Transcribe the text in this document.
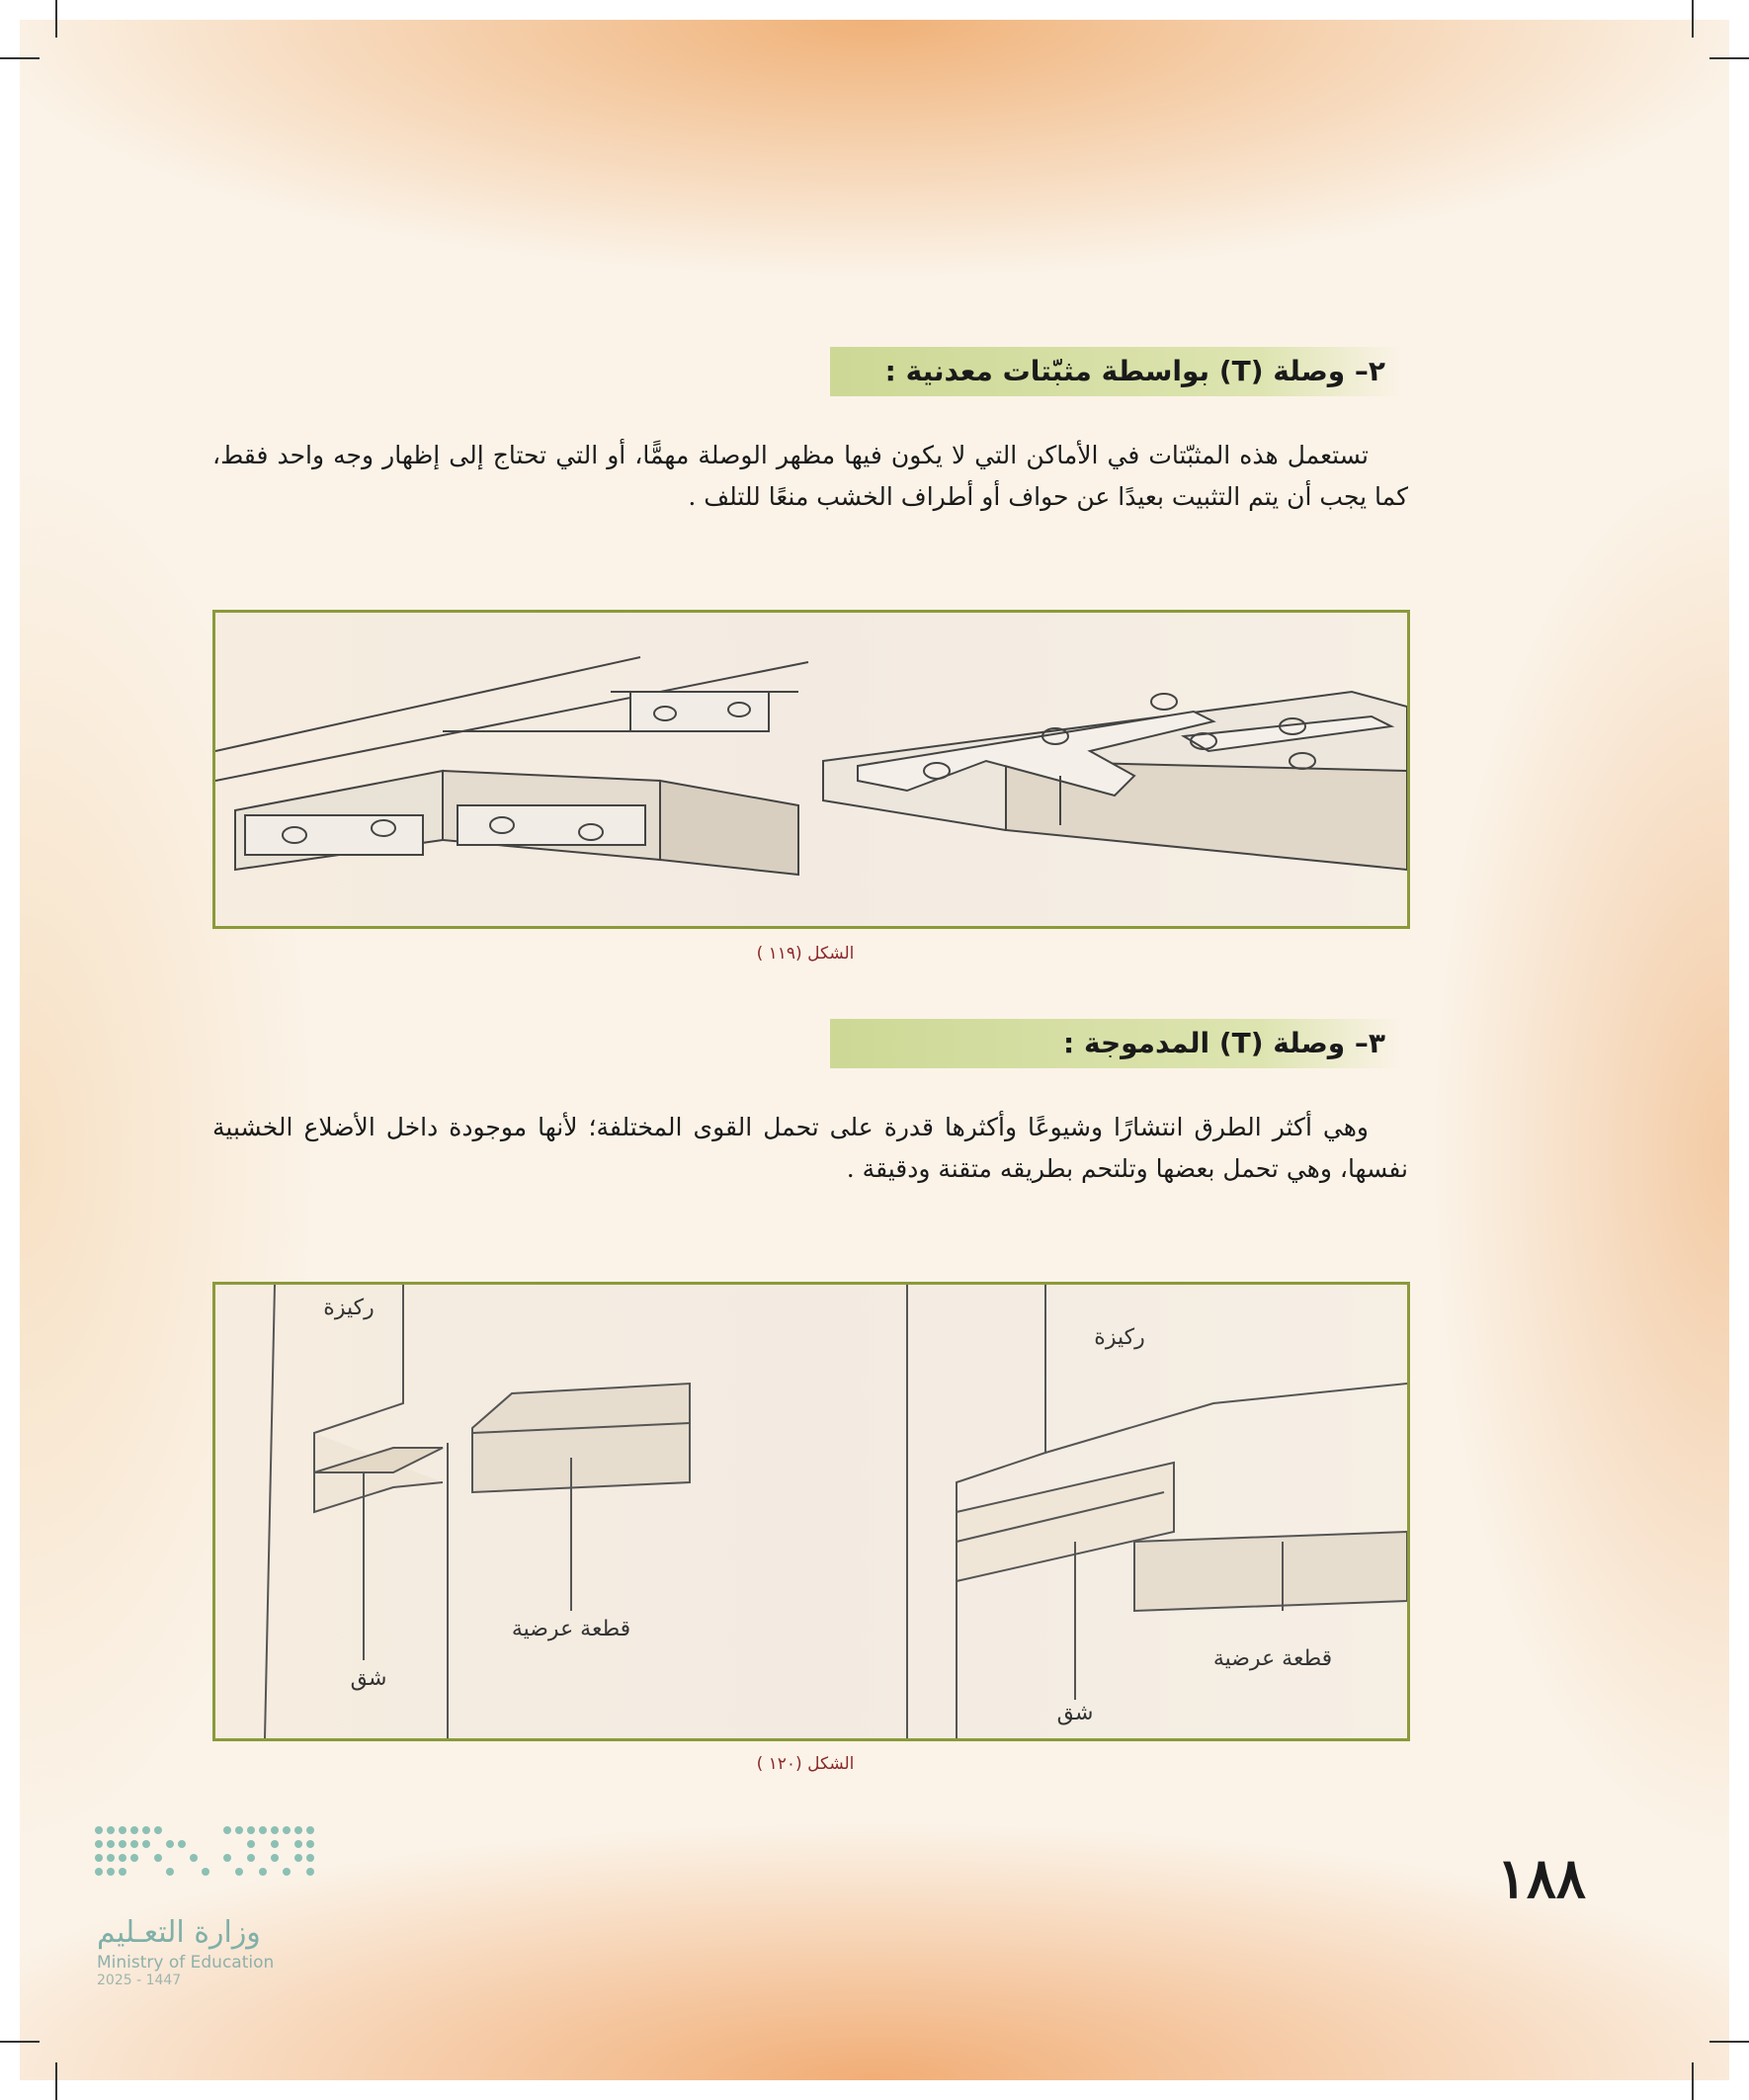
٢– وصلة (T) بواسطة مثبّتات معدنية :
تستعمل هذه المثبّتات في الأماكن التي لا يكون فيها مظهر الوصلة مهمًّا، أو التي تحتاج إلى إظهار وجه واحد فقط، كما يجب أن يتم التثبيت بعيدًا عن حواف أو أطراف الخشب منعًا للتلف .
الشكل (١١٩ )
٣– وصلة (T) المدموجة :
وهي أكثر الطرق انتشارًا وشيوعًا وأكثرها قدرة على تحمل القوى المختلفة؛ لأنها موجودة داخل الأضلاع الخشبية نفسها، وهي تحمل بعضها وتلتحم بطريقه متقنة ودقيقة .
ركيزة
قطعة عرضية
شق
ركيزة
قطعة عرضية
شق
الشكل (١٢٠ )
١٨٨
وزارة التعـليم
Ministry of Education
2025 - 1447
